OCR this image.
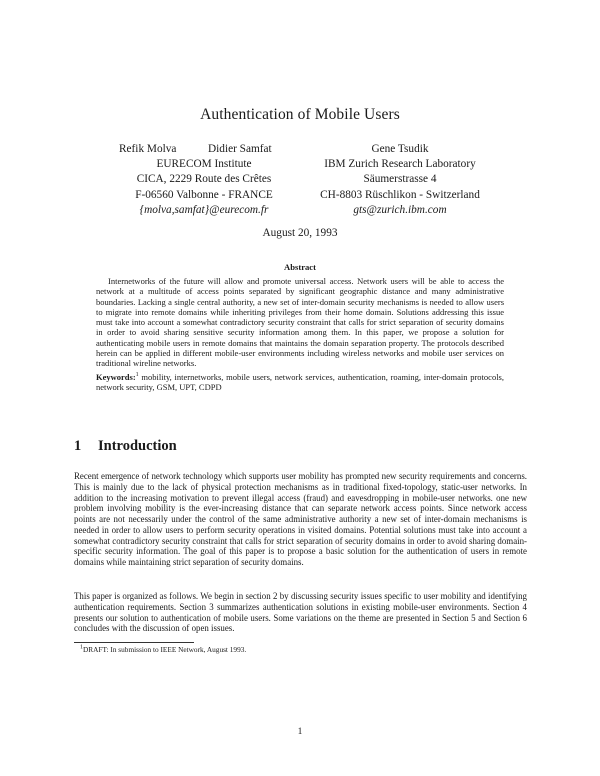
Authentication of Mobile Users
Refik Molva	Didier Samfat
EURECOM Institute
CICA, 2229 Route des Crêtes
F-06560 Valbonne - FRANCE
{molva,samfat}@eurecom.fr
Gene Tsudik
IBM Zurich Research Laboratory
Säumerstrasse 4
CH-8803 Rüschlikon - Switzerland
gts@zurich.ibm.com
August 20, 1993
Abstract

Internetworks of the future will allow and promote universal access. Network users will be able to access the network at a multitude of access points separated by significant geographic distance and many administrative boundaries. Lacking a single central authority, a new set of inter-domain security mechanisms is needed to allow users to migrate into remote domains while inheriting privileges from their home domain. Solutions addressing this issue must take into account a somewhat contradictory security constraint that calls for strict separation of security domains in order to avoid sharing sensitive security information among them. In this paper, we propose a solution for authenticating mobile users in remote domains that maintains the domain separation property. The protocols described herein can be applied in different mobile-user environments including wireless networks and mobile user services on traditional wireline networks.

Keywords:$^1$ mobility, internetworks, mobile users, network services, authentication, roaming, inter-domain protocols, network security, GSM, UPT, CDPD

1 Introduction

Recent emergence of network technology which supports user mobility has prompted new security requirements and concerns. This is mainly due to the lack of physical protection mechanisms as in traditional fixed-topology, static-user networks. In addition to the increasing motivation to prevent illegal access (fraud) and eavesdropping in mobile-user networks. one new problem involving mobility is the ever-increasing distance that can separate network access points. Since network access points are not necessarily under the control of the same administrative authority a new set of inter-domain mechanisms is needed in order to allow users to perform security operations in visited domains. Potential solutions must take into account a somewhat contradictory security constraint that calls for strict separation of security domains in order to avoid sharing domain-specific security information. The goal of this paper is to propose a basic solution for the authentication of users in remote domains while maintaining strict separation of security domains.

This paper is organized as follows. We begin in section 2 by discussing security issues specific to user mobility and identifying authentication requirements. Section 3 summarizes authentication solutions in existing mobile-user environments. Section 4 presents our solution to authentication of mobile users. Some variations on the theme are presented in Section 5 and Section 6 concludes with the discussion of open issues.

$^1$DRAFT: In submission to IEEE Network, August 1993.
1
